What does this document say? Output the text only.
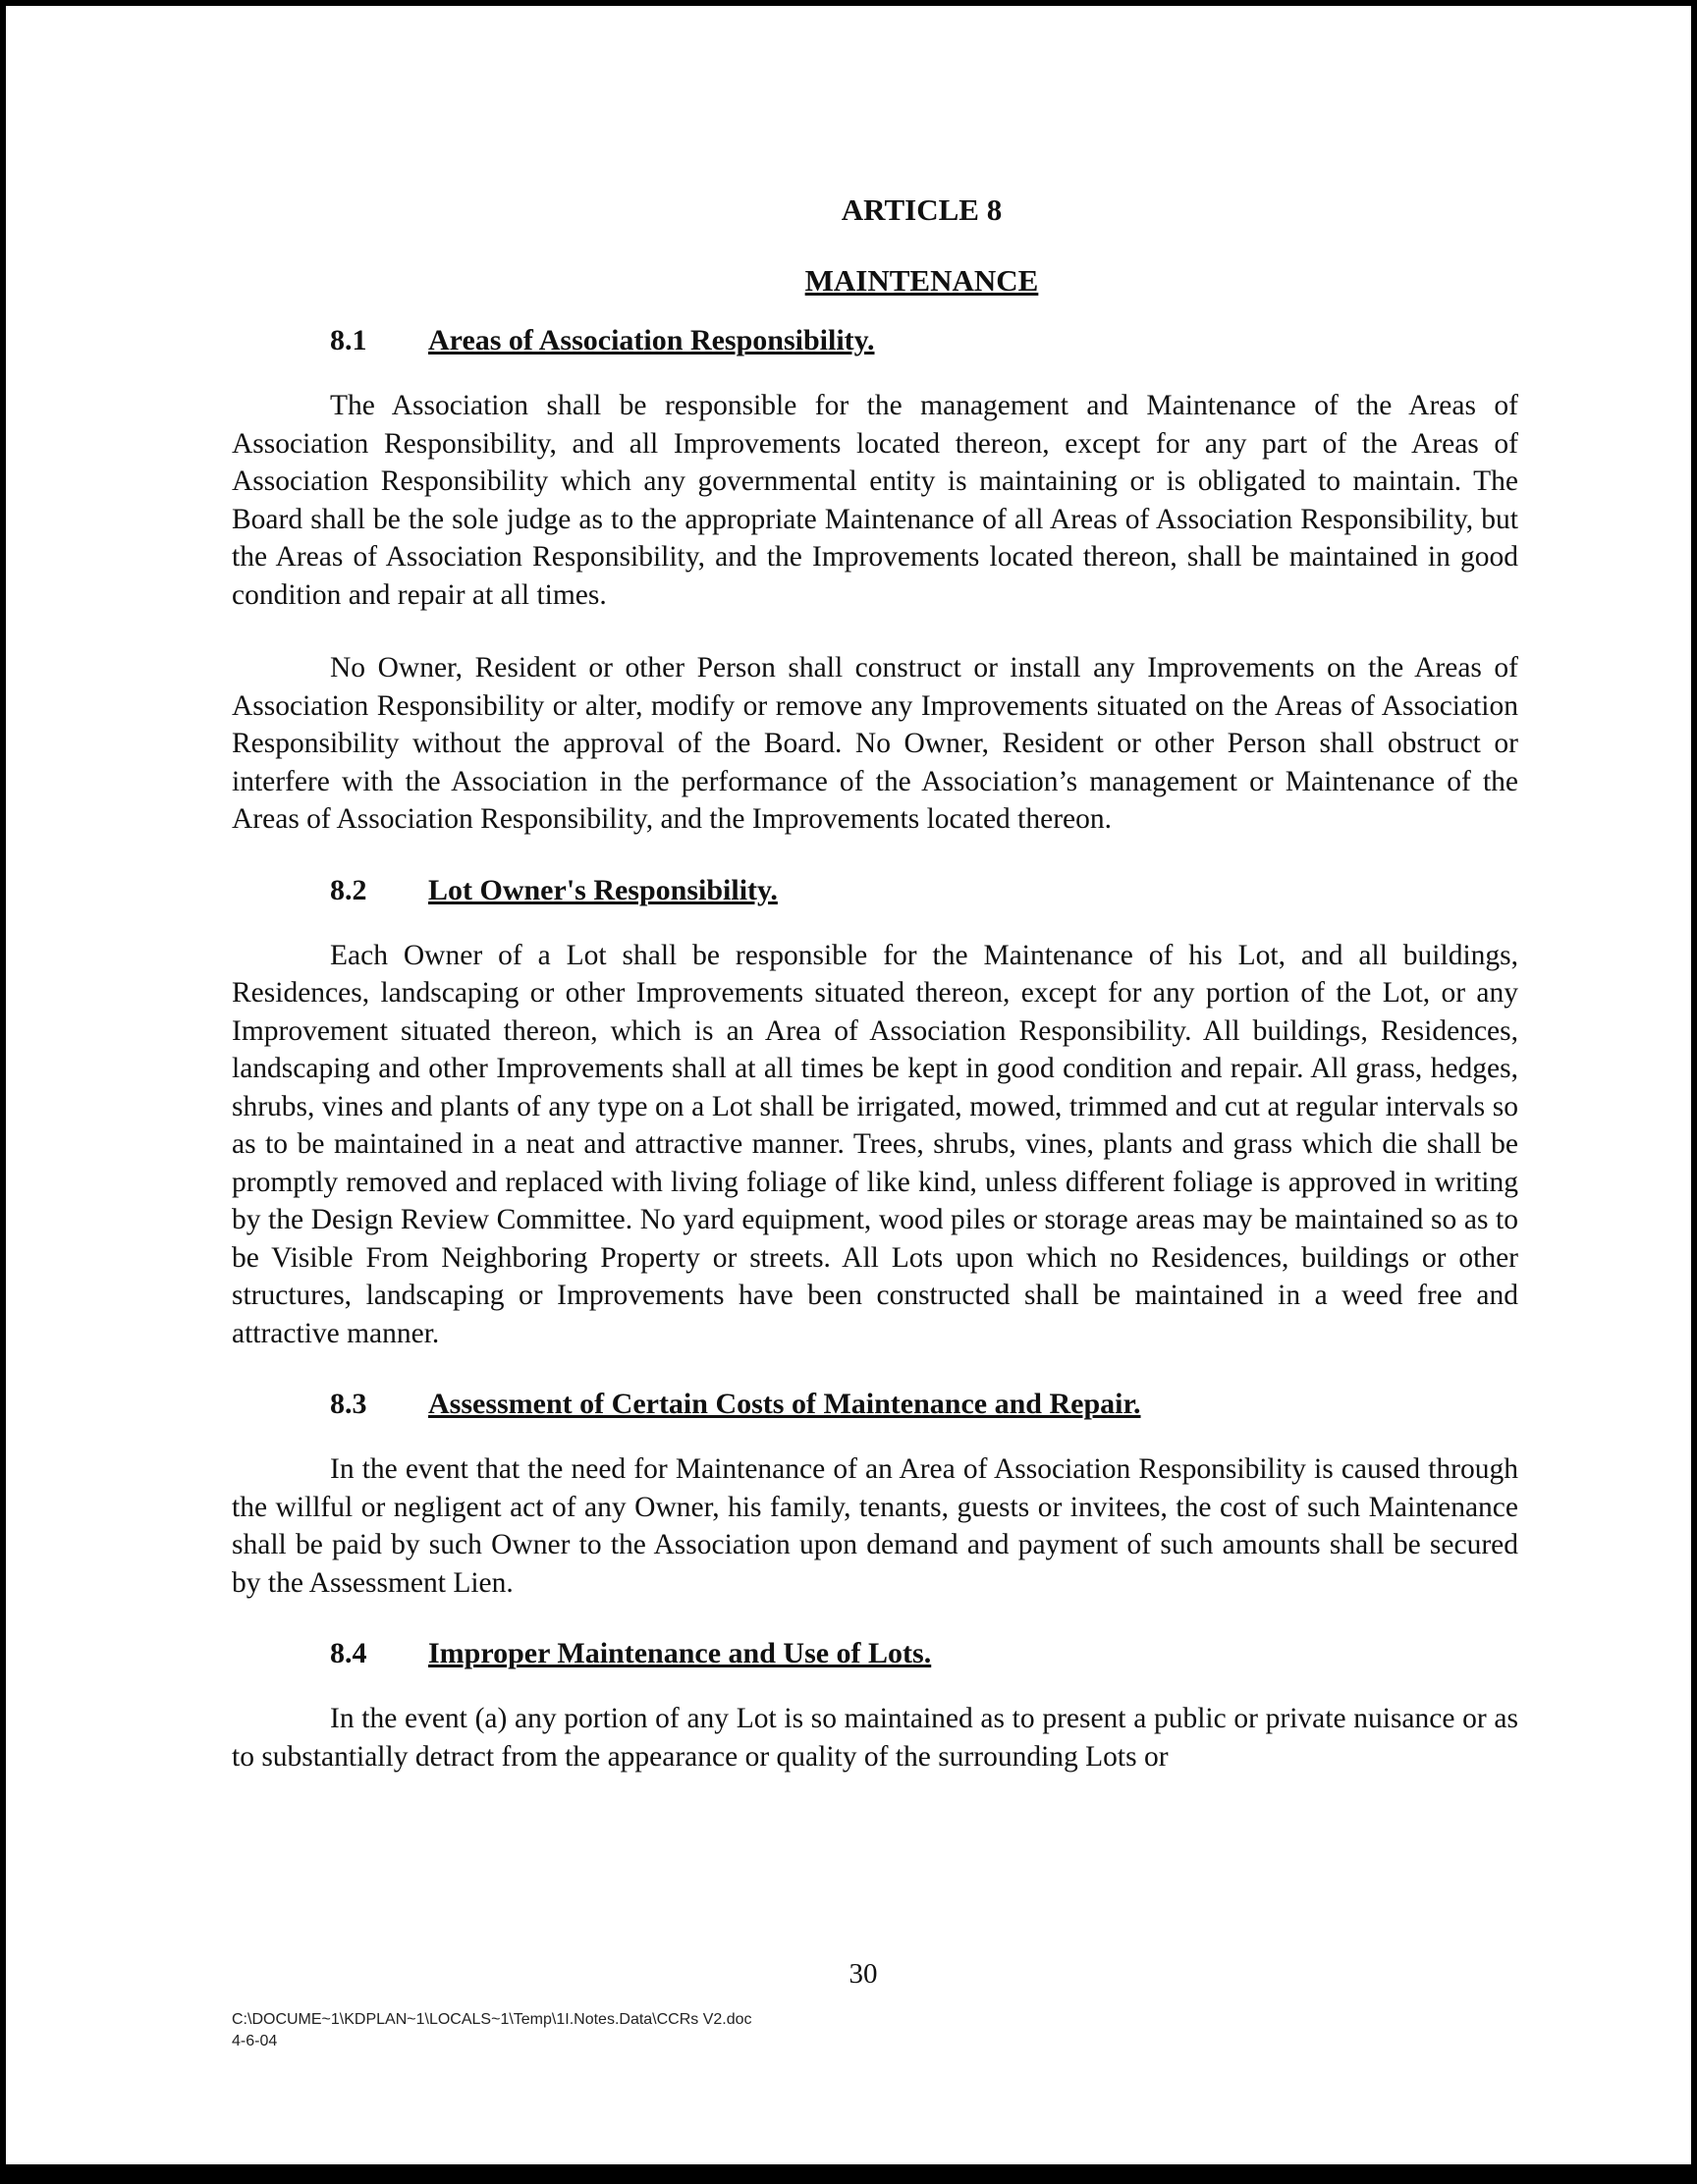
ARTICLE 8
MAINTENANCE
8.1	Areas of Association Responsibility.

The Association shall be responsible for the management and Maintenance of the Areas of Association Responsibility, and all Improvements located thereon, except for any part of the Areas of Association Responsibility which any governmental entity is maintaining or is obligated to maintain. The Board shall be the sole judge as to the appropriate Maintenance of all Areas of Association Responsibility, but the Areas of Association Responsibility, and the Improvements located thereon, shall be maintained in good condition and repair at all times.

No Owner, Resident or other Person shall construct or install any Improvements on the Areas of Association Responsibility or alter, modify or remove any Improvements situated on the Areas of Association Responsibility without the approval of the Board. No Owner, Resident or other Person shall obstruct or interfere with the Association in the performance of the Association’s management or Maintenance of the Areas of Association Responsibility, and the Improvements located thereon.

8.2	Lot Owner's Responsibility.

Each Owner of a Lot shall be responsible for the Maintenance of his Lot, and all buildings, Residences, landscaping or other Improvements situated thereon, except for any portion of the Lot, or any Improvement situated thereon, which is an Area of Association Responsibility. All buildings, Residences, landscaping and other Improvements shall at all times be kept in good condition and repair. All grass, hedges, shrubs, vines and plants of any type on a Lot shall be irrigated, mowed, trimmed and cut at regular intervals so as to be maintained in a neat and attractive manner. Trees, shrubs, vines, plants and grass which die shall be promptly removed and replaced with living foliage of like kind, unless different foliage is approved in writing by the Design Review Committee. No yard equipment, wood piles or storage areas may be maintained so as to be Visible From Neighboring Property or streets. All Lots upon which no Residences, buildings or other structures, landscaping or Improvements have been constructed shall be maintained in a weed free and attractive manner.

8.3	Assessment of Certain Costs of Maintenance and Repair.

In the event that the need for Maintenance of an Area of Association Responsibility is caused through the willful or negligent act of any Owner, his family, tenants, guests or invitees, the cost of such Maintenance shall be paid by such Owner to the Association upon demand and payment of such amounts shall be secured by the Assessment Lien.

8.4	Improper Maintenance and Use of Lots.

In the event (a) any portion of any Lot is so maintained as to present a public or private nuisance or as to substantially detract from the appearance or quality of the surrounding Lots or

30
C:\DOCUME~1\KDPLAN~1\LOCALS~1\Temp\1I.Notes.Data\CCRs V2.doc
4-6-04
